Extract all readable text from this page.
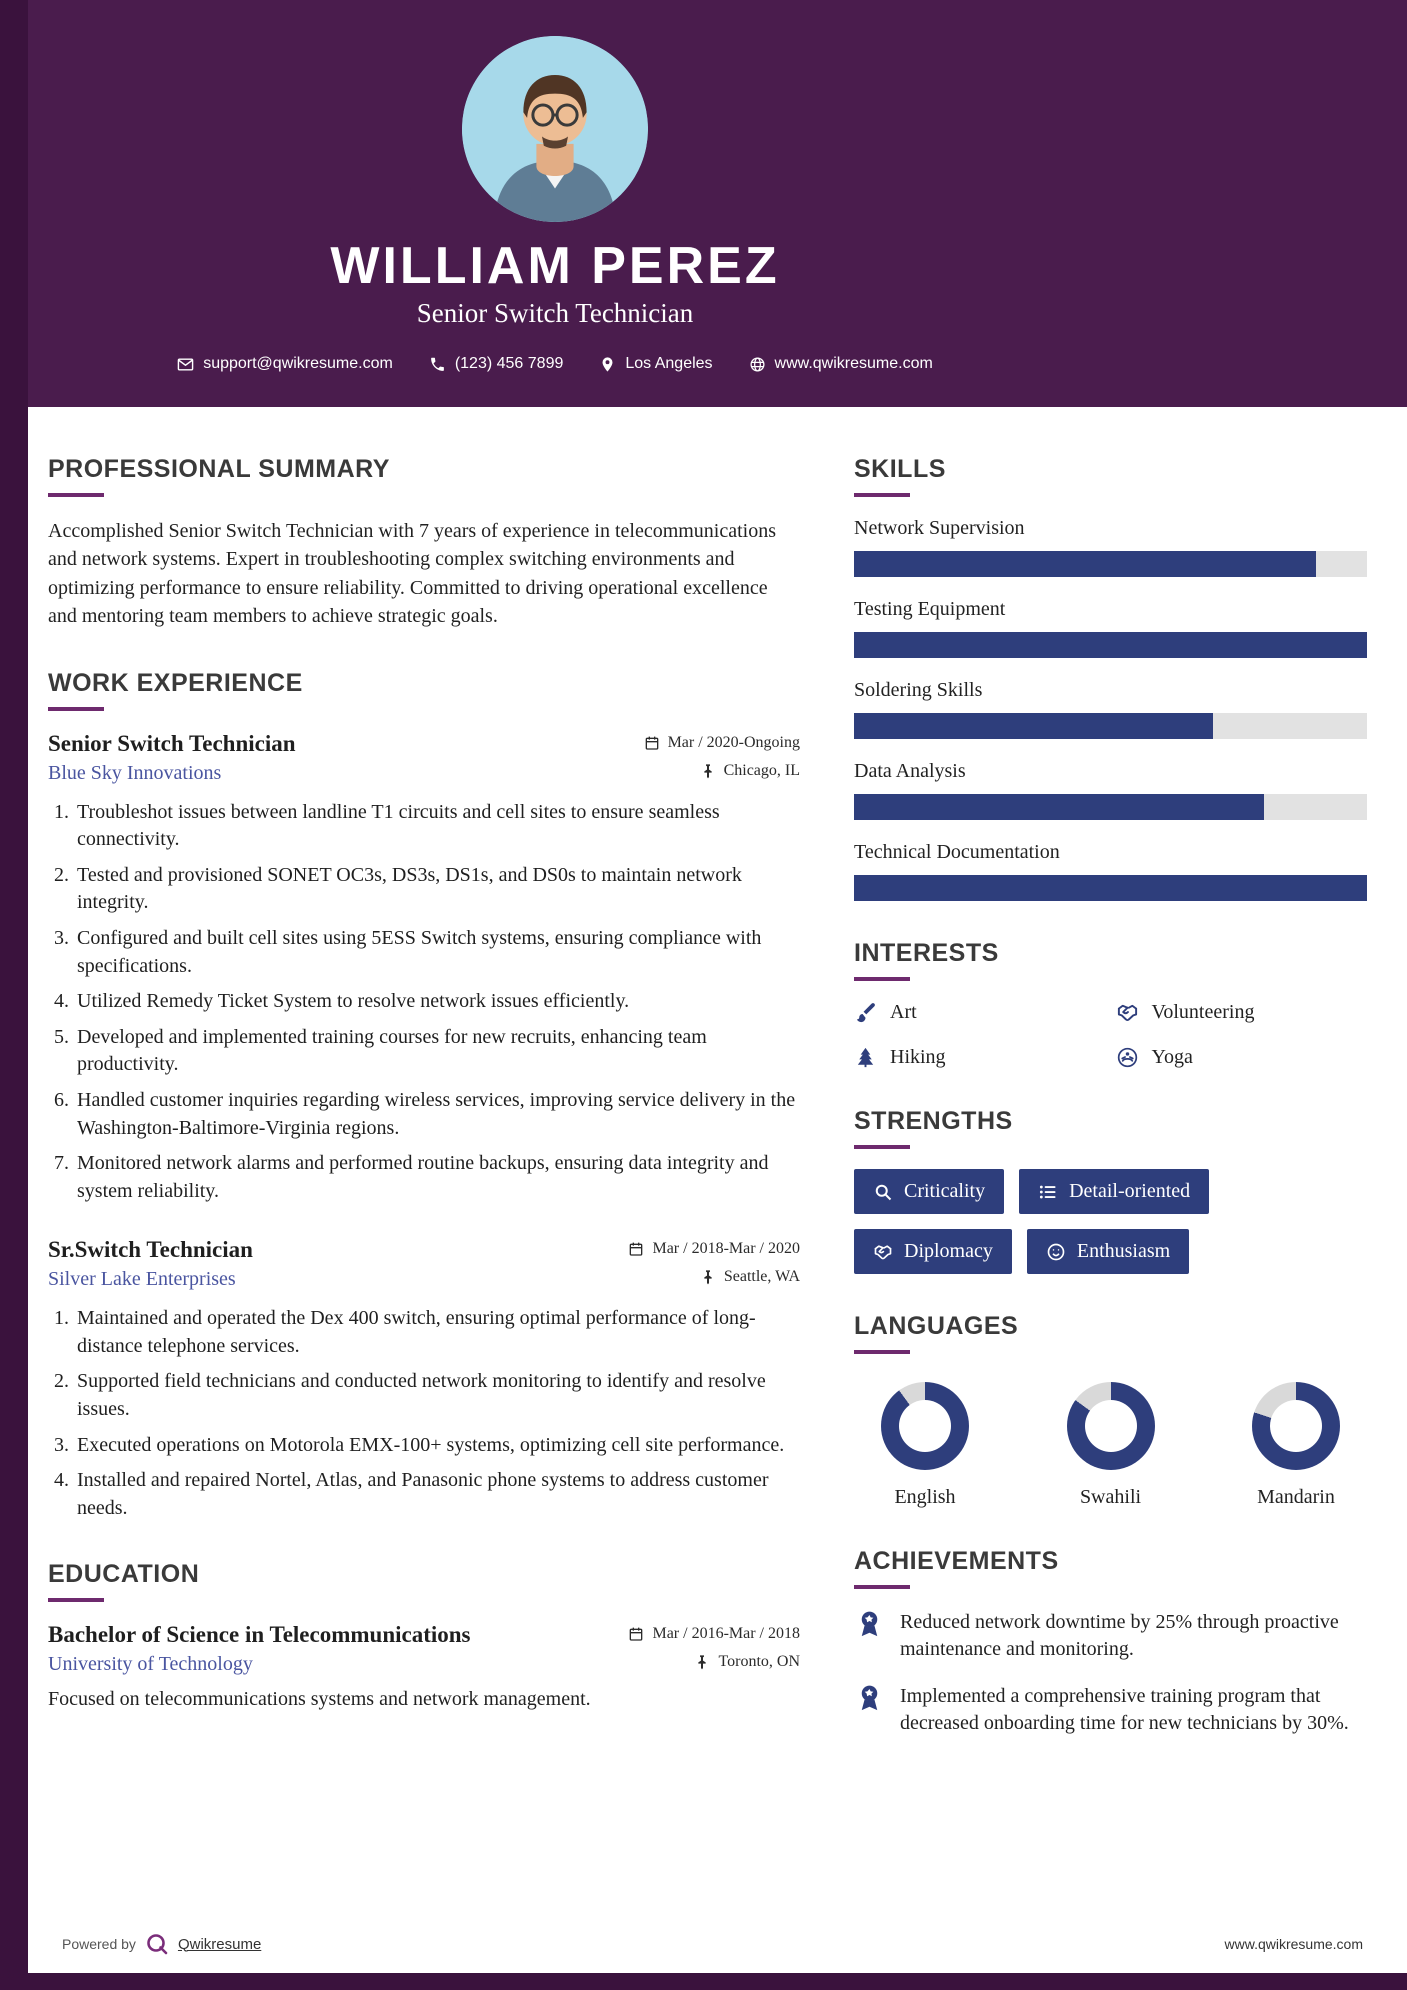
WILLIAM PEREZ
Senior Switch Technician
support@qwikresume.com	(123) 456 7899	Los Angeles	www.qwikresume.com
PROFESSIONAL SUMMARY

Accomplished Senior Switch Technician with 7 years of experience in telecommunications and network systems. Expert in troubleshooting complex switching environments and optimizing performance to ensure reliability. Committed to driving operational excellence and mentoring team members to achieve strategic goals.

WORK EXPERIENCE
Senior Switch Technician	Mar / 2020-Ongoing
Blue Sky Innovations	Chicago, IL
1. Troubleshot issues between landline T1 circuits and cell sites to ensure seamless connectivity.
2. Tested and provisioned SONET OC3s, DS3s, DS1s, and DS0s to maintain network integrity.
3. Configured and built cell sites using 5ESS Switch systems, ensuring compliance with specifications.
4. Utilized Remedy Ticket System to resolve network issues efficiently.
5. Developed and implemented training courses for new recruits, enhancing team productivity.
6. Handled customer inquiries regarding wireless services, improving service delivery in the Washington-Baltimore-Virginia regions.
7. Monitored network alarms and performed routine backups, ensuring data integrity and system reliability.
Sr.Switch Technician	Mar / 2018-Mar / 2020
Silver Lake Enterprises	Seattle, WA
1. Maintained and operated the Dex 400 switch, ensuring optimal performance of long-distance telephone services.
2. Supported field technicians and conducted network monitoring to identify and resolve issues.
3. Executed operations on Motorola EMX-100+ systems, optimizing cell site performance.
4. Installed and repaired Nortel, Atlas, and Panasonic phone systems to address customer needs.
EDUCATION
Bachelor of Science in Telecommunications	Mar / 2016-Mar / 2018
University of Technology	Toronto, ON

Focused on telecommunications systems and network management.

SKILLS
Network Supervision
Testing Equipment
Soldering Skills
Data Analysis
Technical Documentation
INTERESTS
Art	Volunteering
Hiking	Yoga
STRENGTHS
Criticality	Detail-oriented
Diplomacy	Enthusiasm
LANGUAGES
English	Swahili	Mandarin
ACHIEVEMENTS

Reduced network downtime by 25% through proactive maintenance and monitoring.

Implemented a comprehensive training program that decreased onboarding time for new technicians by 30%.

Powered by	Qwikresume	www.qwikresume.com
